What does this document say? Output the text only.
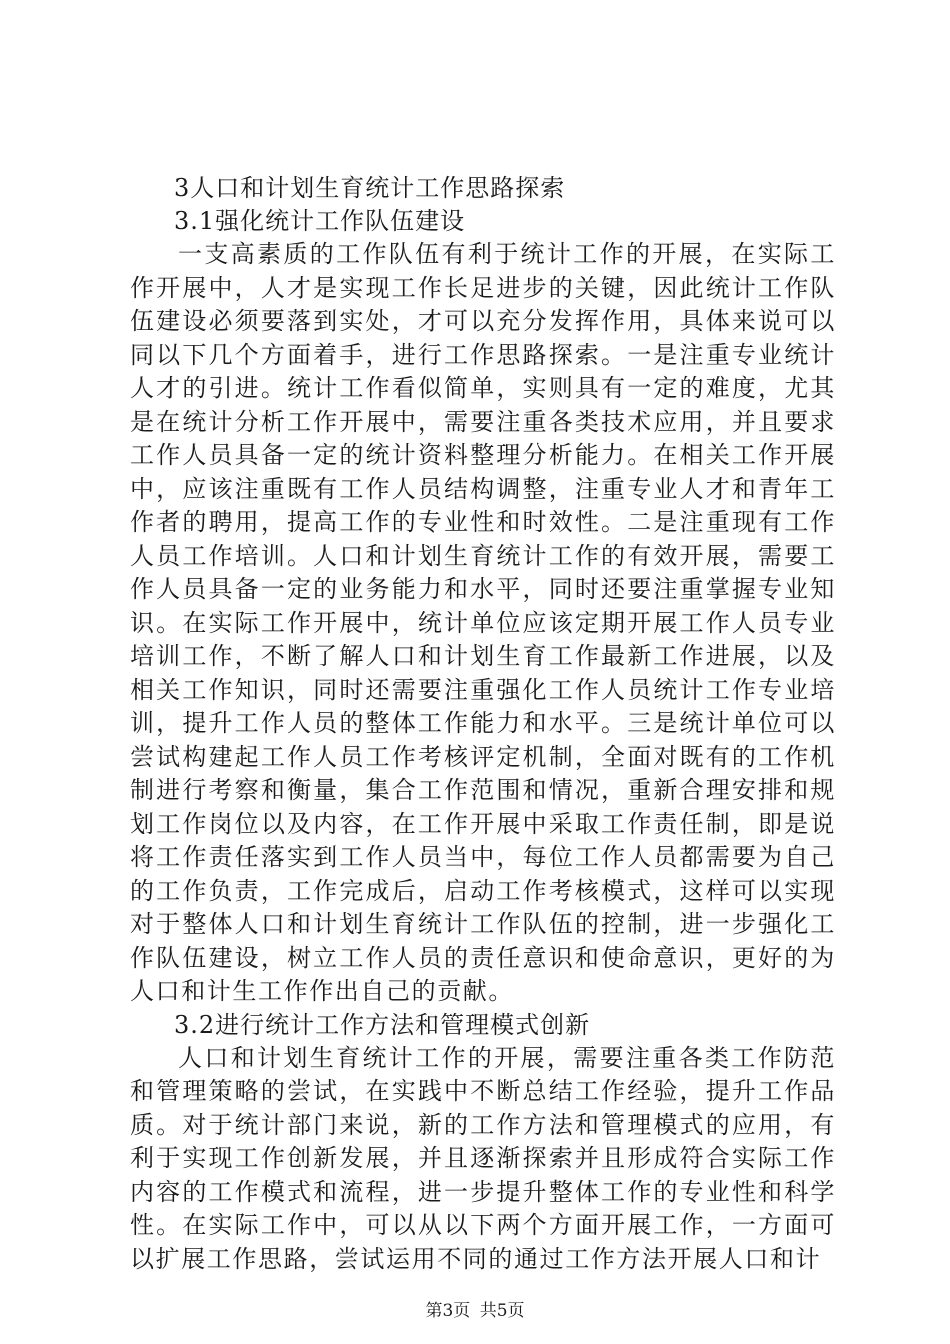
3人口和计划生育统计工作思路探索
3.1强化统计工作队伍建设

一支高素质的工作队伍有利于统计工作的开展，在实际工作开展中，人才是实现工作长足进步的关键，因此统计工作队伍建设必须要落到实处，才可以充分发挥作用，具体来说可以同以下几个方面着手，进行工作思路探索。一是注重专业统计人才的引进。统计工作看似简单，实则具有一定的难度，尤其是在统计分析工作开展中，需要注重各类技术应用，并且要求工作人员具备一定的统计资料整理分析能力。在相关工作开展中，应该注重既有工作人员结构调整，注重专业人才和青年工作者的聘用，提高工作的专业性和时效性。二是注重现有工作人员工作培训。人口和计划生育统计工作的有效开展，需要工作人员具备一定的业务能力和水平，同时还要注重掌握专业知识。在实际工作开展中，统计单位应该定期开展工作人员专业培训工作，不断了解人口和计划生育工作最新工作进展，以及相关工作知识，同时还需要注重强化工作人员统计工作专业培训，提升工作人员的整体工作能力和水平。三是统计单位可以尝试构建起工作人员工作考核评定机制，全面对既有的工作机制进行考察和衡量，集合工作范围和情况，重新合理安排和规划工作岗位以及内容，在工作开展中采取工作责任制，即是说将工作责任落实到工作人员当中，每位工作人员都需要为自己的工作负责，工作完成后，启动工作考核模式，这样可以实现对于整体人口和计划生育统计工作队伍的控制，进一步强化工作队伍建设，树立工作人员的责任意识和使命意识，更好的为人口和计生工作作出自己的贡献。

3.2进行统计工作方法和管理模式创新

人口和计划生育统计工作的开展，需要注重各类工作防范和管理策略的尝试，在实践中不断总结工作经验，提升工作品质。对于统计部门来说，新的工作方法和管理模式的应用，有利于实现工作创新发展，并且逐渐探索并且形成符合实际工作内容的工作模式和流程，进一步提升整体工作的专业性和科学性。在实际工作中，可以从以下两个方面开展工作，一方面可以扩展工作思路，尝试运用不同的通过工作方法开展人口和计

第3页 共5页
